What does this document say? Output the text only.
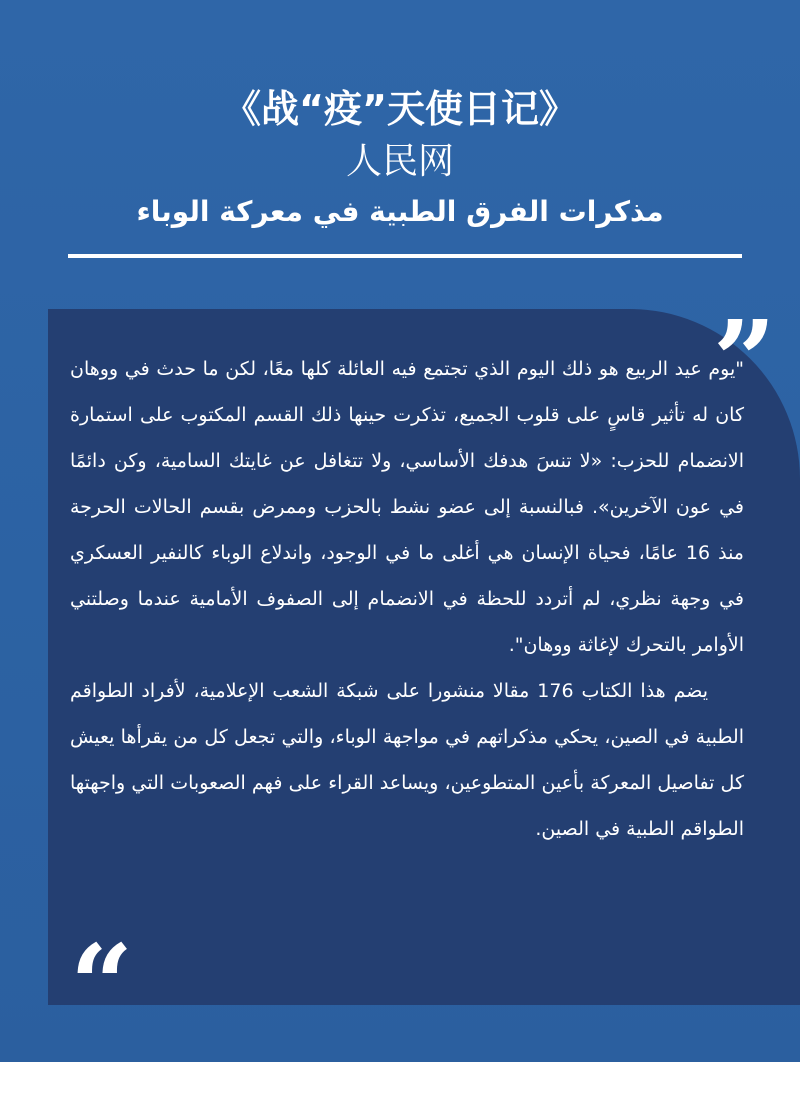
《战“疫”天使日记》
人民网
مذكرات الفرق الطبية في معركة الوباء
”

"يوم عيد الربيع هو ذلك اليوم الذي تجتمع فيه العائلة كلها معًا، لكن ما حدث في ووهان كان له تأثير قاسٍ على قلوب الجميع، تذكرت حينها ذلك القسم المكتوب على استمارة الانضمام للحزب: «لا تنسَ هدفك الأساسي، ولا تتغافل عن غايتك السامية، وكن دائمًا في عون الآخرين». فبالنسبة إلى عضو نشط بالحزب وممرض بقسم الحالات الحرجة منذ 16 عامًا، فحياة الإنسان هي أغلى ما في الوجود، واندلاع الوباء كالنفير العسكري في وجهة نظري، لم أتردد للحظة في الانضمام إلى الصفوف الأمامية عندما وصلتني الأوامر بالتحرك لإغاثة ووهان".

يضم هذا الكتاب 176 مقالا منشورا على شبكة الشعب الإعلامية، لأفراد الطواقم الطبية في الصين، يحكي مذكراتهم في مواجهة الوباء، والتي تجعل كل من يقرأها يعيش كل تفاصيل المعركة بأعين المتطوعين، ويساعد القراء على فهم الصعوبات التي واجهتها الطواقم الطبية في الصين.

“
